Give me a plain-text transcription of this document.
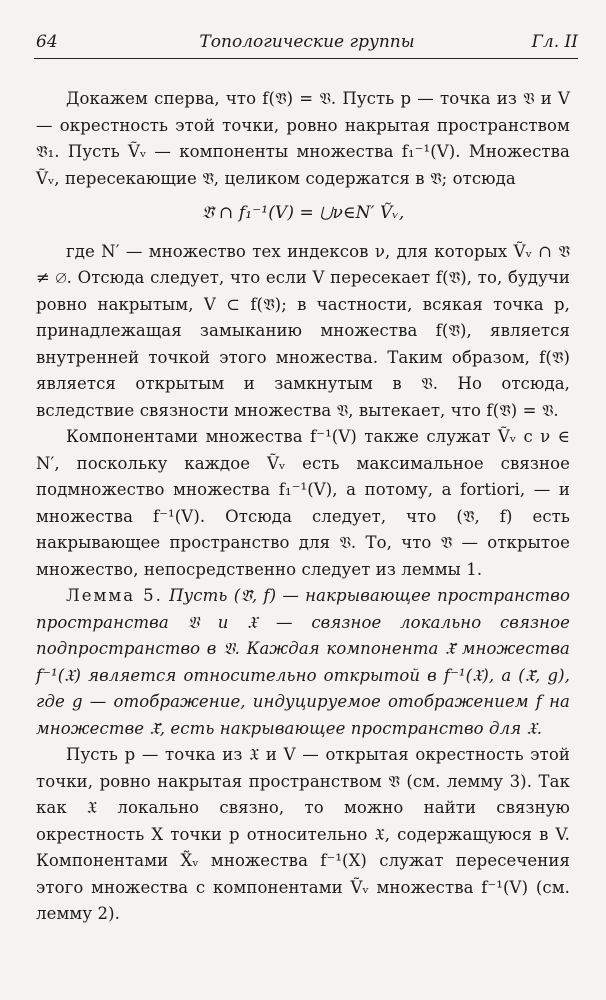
64	Топологические группы	Гл. II

Докажем сперва, что f(𝔙̃) = 𝔙. Пусть p — точка из 𝔙 и V — окрестность этой точки, ровно накрытая пространством 𝔙̃₁. Пусть Ṽᵥ — компоненты множества f₁⁻¹(V). Множества Ṽᵥ, пересекающие 𝔙̃, целиком содержатся в 𝔙̃; отсюда

𝔙̃ ∩ f₁⁻¹(V) = ⋃ν∈N′ Ṽᵥ,

где N′ — множество тех индексов ν, для которых Ṽᵥ ∩ 𝔙̃ ≠ ∅. Отсюда следует, что если V пересекает f(𝔙̃), то, будучи ровно накрытым, V ⊂ f(𝔙̃); в частности, всякая точка p, принадлежащая замыканию множества f(𝔙̃), является внутренней точкой этого множества. Таким образом, f(𝔙̃) является открытым и замкнутым в 𝔙. Но отсюда, вследствие связности множества 𝔙, вытекает, что f(𝔙̃) = 𝔙.

Компонентами множества f⁻¹(V) также служат Ṽᵥ с ν ∈ N′, поскольку каждое Ṽᵥ есть максимальное связное подмножество множества f₁⁻¹(V), а потому, a fortiori, — и множества f⁻¹(V). Отсюда следует, что (𝔙̃, f) есть накрывающее пространство для 𝔙. То, что 𝔙̃ — открытое множество, непосредственно следует из леммы 1.

Лемма 5. Пусть (𝔙̃, f) — накрывающее пространство пространства 𝔙 и 𝔛 — связное локально связное подпространство в 𝔙. Каждая компонента 𝔛̃ множества f⁻¹(𝔛) является относительно открытой в f⁻¹(𝔛), а (𝔛̃, g), где g — отображение, индуцируемое отображением f на множестве 𝔛̃, есть накрывающее пространство для 𝔛.

Пусть p — точка из 𝔛 и V — открытая окрестность этой точки, ровно накрытая пространством 𝔙̃ (см. лемму 3). Так как 𝔛 локально связно, то можно найти связную окрестность X точки p относительно 𝔛, содержащуюся в V. Компонентами X̃ᵥ множества f⁻¹(X) служат пересечения этого множества с компонентами Ṽᵥ множества f⁻¹(V) (см. лемму 2).
